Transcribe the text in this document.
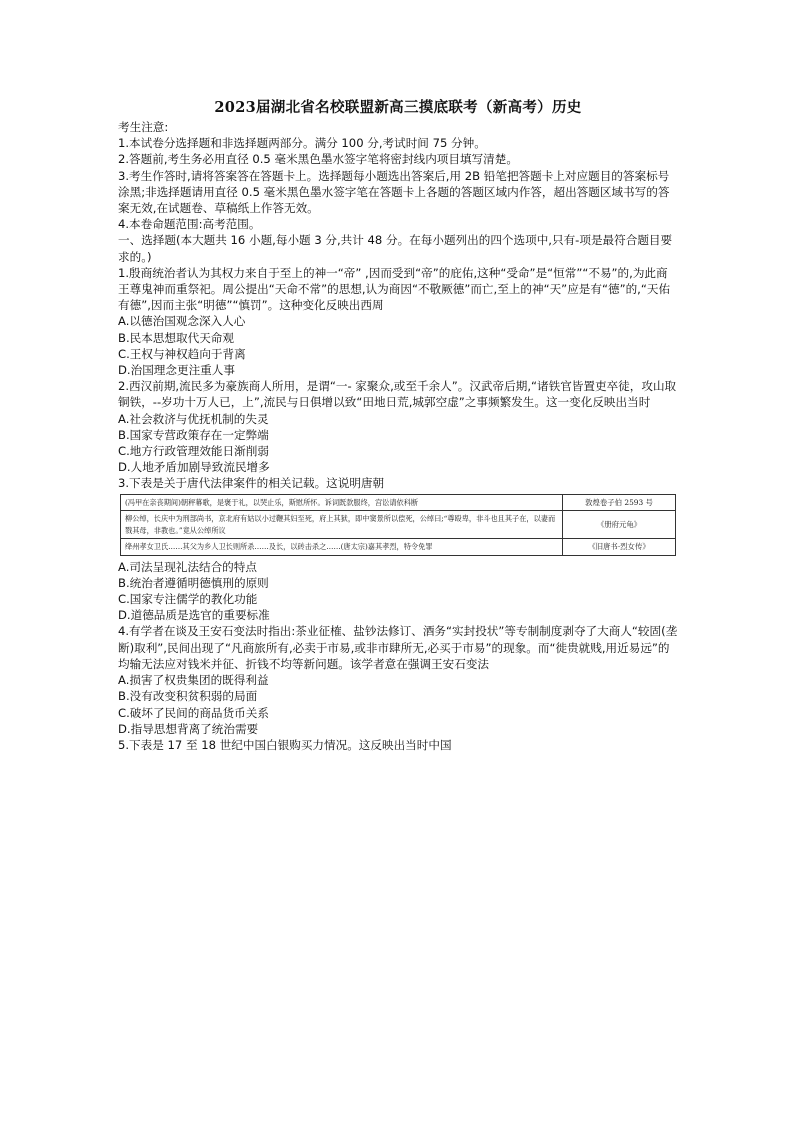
2023届湖北省名校联盟新高三摸底联考（新高考）历史

考生注意:

1.本试卷分选择题和非选择题两部分。满分 100 分,考试时间 75 分钟。

2.答题前,考生务必用直径 0.5 毫米黑色墨水签字笔将密封线内项目填写清楚。

3.考生作答时,请将答案答在答题卡上。选择题每小题选出答案后,用 2B 铅笔把答题卡上对应题目的答案标号涂黑;非选择题请用直径 0.5 毫米黑色墨水签字笔在答题卡上各题的答题区域内作答，超出答题区域书写的答案无效,在试题卷、草稿纸上作答无效。

4.本卷命题范围:高考范围。

一、选择题(本大题共 16 小题,每小题 3 分,共计 48 分。在每小题列出的四个选项中,只有-项是最符合题目要求的。)

1.殷商统治者认为其权力来自于至上的神一“帝” ,因而受到“帝”的庇佑,这种“受命”是“恒常”“不易”的,为此商王尊鬼神而重祭祀。周公提出“天命不常”的思想,认为商因“不敬厥德”而亡,至上的神“天”应是有“德”的,“天佑有德”,因而主张“明德”“慎罚”。这种变化反映出西周

A.以德治国观念深入人心

B.民本思想取代天命观

C.王权与神权趋向于背离

D.治国理念更注重人事

2.西汉前期,流民多为豪族商人所用，是谓“一- 家聚众,或至千余人”。汉武帝后期,“诸铁官皆置吏卒徒，攻山取铜铁，--岁功十万人已，上”,流民与日俱增以致“田地日荒,城郭空虚”之事频繁发生。这一变化反映出当时

A.社会救济与优抚机制的失灵

B.国家专营政策存在一定弊端

C.地方行政管理效能日渐削弱

D.人地矛盾加剧导致流民增多

3.下表是关于唐代法律案件的相关记载。这说明唐朝

(冯甲在亲丧期间)朝秤幕歌，是褒于礼，以哭止乐，斯慰所怀。诉词既款服终，宫讼请依科断	敦煌卷子伯 2593 号
柳公绰，长庆中为刑部尚书，京北府有姑以小过鞭其妇至死，府上其狱，即中窦景所以偿死，公绰曰;“尊殴卑，非斗也且其子在，以妻而戮其母，非教也。”竟从公绰所议	《册府元龟》
绛州孝女卫氏……其父为乡人卫长则所杀……及长，以砖击杀之……(唐太宗)嘉其孝烈，特令免罪	《旧唐书·烈女传》

A.司法呈现礼法结合的特点

B.统治者遵循明德慎刑的原则

C.国家专注儒学的教化功能

D.道德品质是选官的重要标准

4.有学者在谈及王安石变法时指出:茶业征榷、盐钞法修订、酒务“实封投状”等专制制度剥夺了大商人“较固(垄断)取利”,民间出现了“凡商旅所有,必卖于市易,或非市肆所无,必买于市易”的现象。而“徙贵就贱,用近易远”的均输无法应对钱米并征、折钱不均等新问题。该学者意在强调王安石变法

A.损害了权贵集团的既得利益

B.没有改变积贫积弱的局面

C.破坏了民间的商品货币关系

D.指导思想背离了统治需要

5.下表是 17 至 18 世纪中国白银购买力情况。这反映出当时中国
